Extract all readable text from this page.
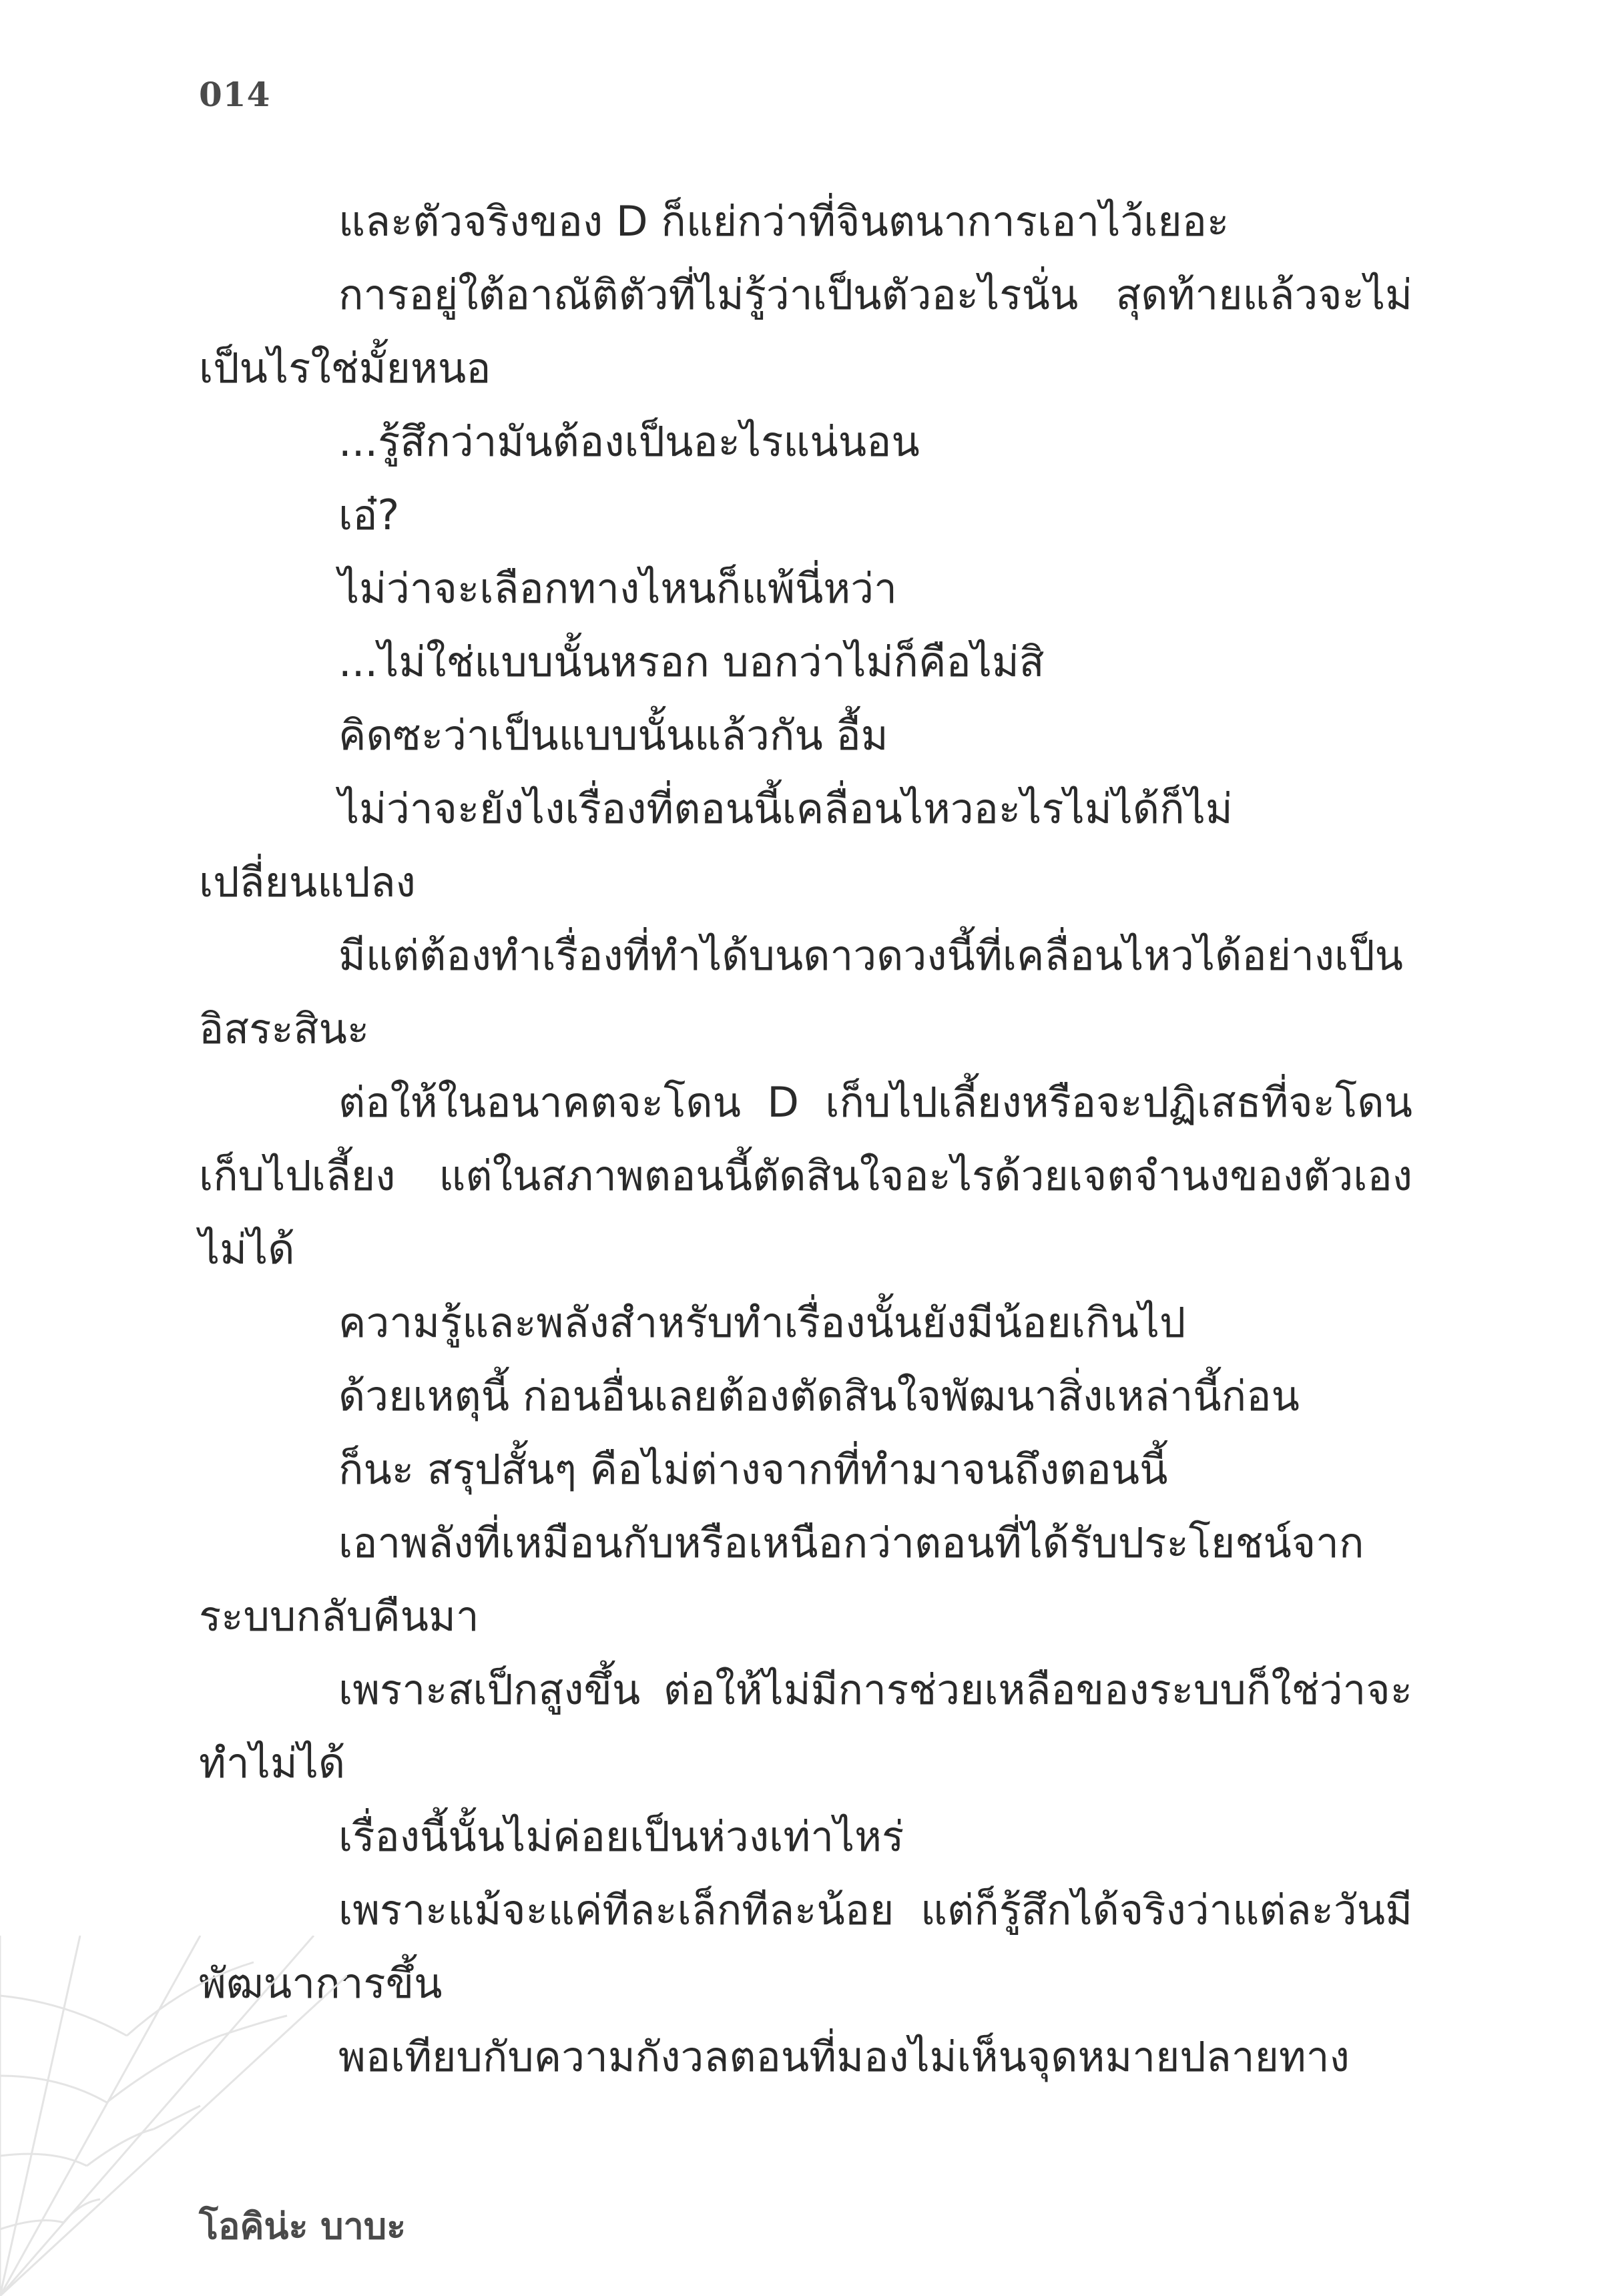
014

และตัวจริงของ D ก็แย่กว่าที่จินตนาการเอาไว้เยอะ

การอยู่ใต้อาณัติตัวที่ไม่รู้ว่าเป็นตัวอะไรนั่น สุดท้ายแล้วจะไม่เป็นไรใช่มั้ยหนอ

...รู้สึกว่ามันต้องเป็นอะไรแน่นอน

เอ๋?

ไม่ว่าจะเลือกทางไหนก็แพ้นี่หว่า

...ไม่ใช่แบบนั้นหรอก บอกว่าไม่ก็คือไม่สิ

คิดซะว่าเป็นแบบนั้นแล้วกัน อื้ม

ไม่ว่าจะยังไงเรื่องที่ตอนนี้เคลื่อนไหวอะไรไม่ได้ก็ไม่เปลี่ยนแปลง

มีแต่ต้องทำเรื่องที่ทำได้บนดาวดวงนี้ที่เคลื่อนไหวได้อย่างเป็นอิสระสินะ

ต่อให้ในอนาคตจะโดน D เก็บไปเลี้ยงหรือจะปฏิเสธที่จะโดนเก็บไปเลี้ยง แต่ในสภาพตอนนี้ตัดสินใจอะไรด้วยเจตจำนงของตัวเองไม่ได้

ความรู้และพลังสำหรับทำเรื่องนั้นยังมีน้อยเกินไป

ด้วยเหตุนี้ ก่อนอื่นเลยต้องตัดสินใจพัฒนาสิ่งเหล่านี้ก่อน

ก็นะ สรุปสั้นๆ คือไม่ต่างจากที่ทำมาจนถึงตอนนี้

เอาพลังที่เหมือนกับหรือเหนือกว่าตอนที่ได้รับประโยชน์จากระบบกลับคืนมา

เพราะสเป็กสูงขึ้น ต่อให้ไม่มีการช่วยเหลือของระบบก็ใช่ว่าจะทำไม่ได้

เรื่องนี้นั้นไม่ค่อยเป็นห่วงเท่าไหร่

เพราะแม้จะแค่ทีละเล็กทีละน้อย แต่ก็รู้สึกได้จริงว่าแต่ละวันมีพัฒนาการขึ้น

พอเทียบกับความกังวลตอนที่มองไม่เห็นจุดหมายปลายทาง

โอคิน่ะ บาบะ
